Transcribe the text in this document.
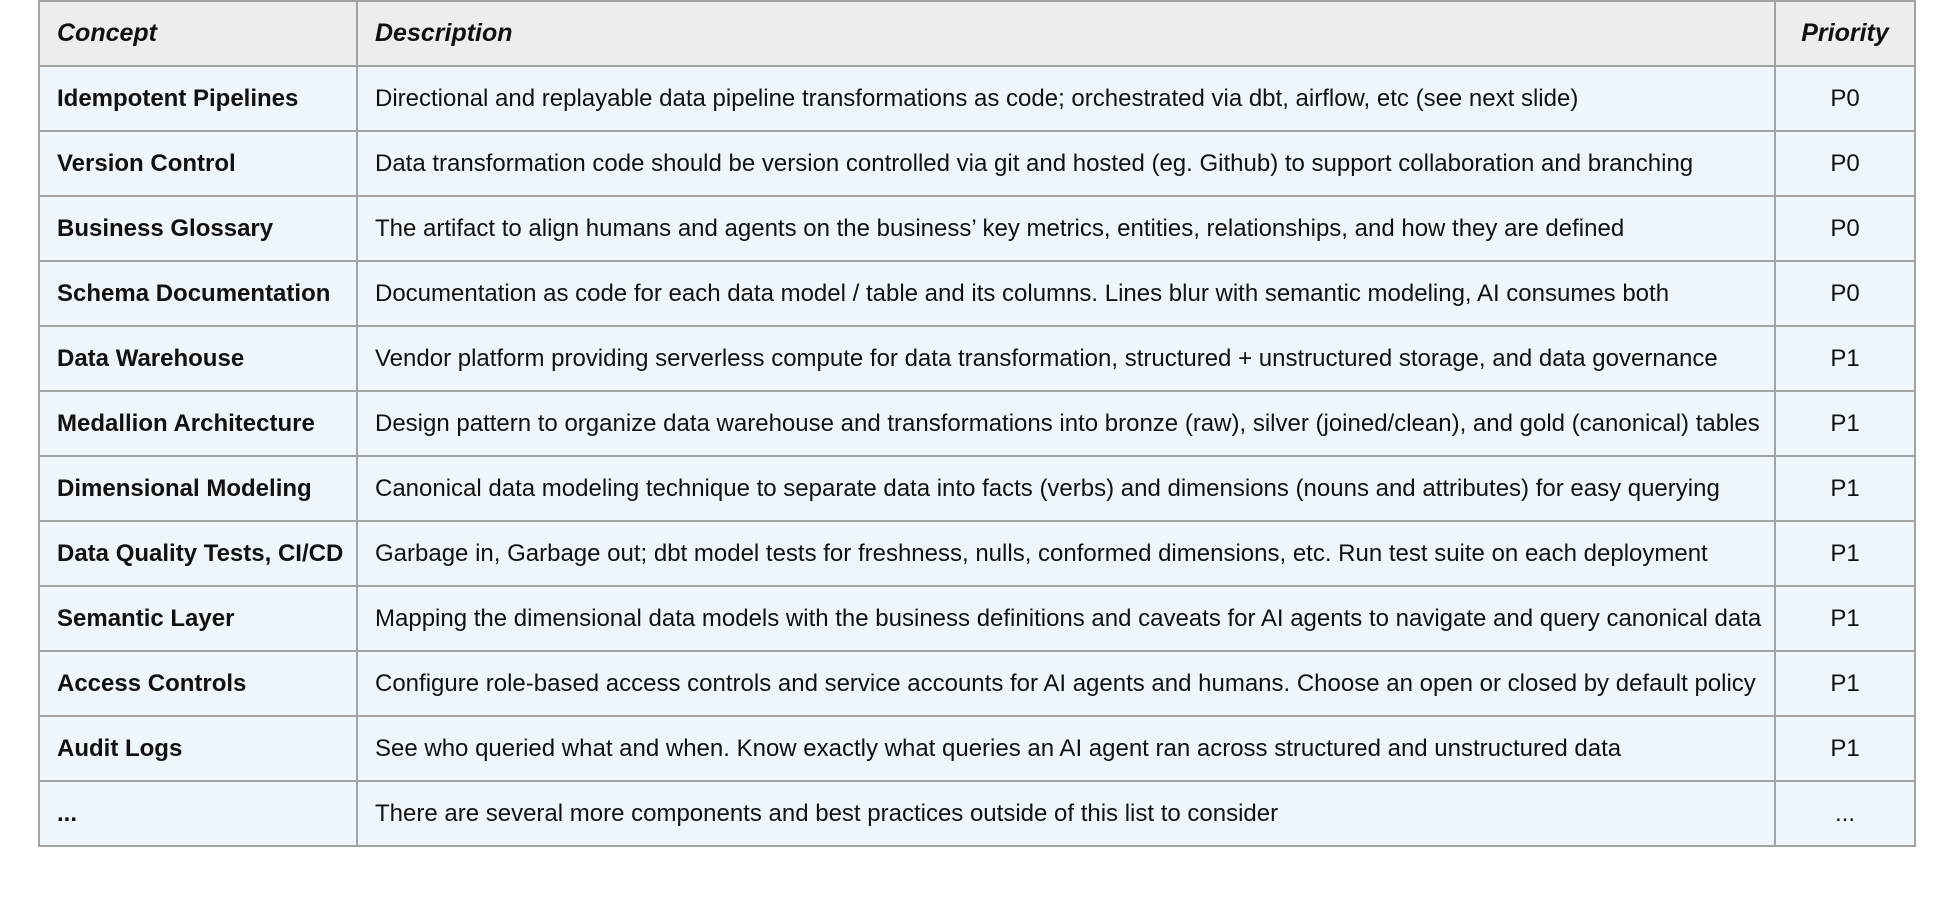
Concept	Description	Priority
Idempotent Pipelines	Directional and replayable data pipeline transformations as code; orchestrated via dbt, airflow, etc (see next slide)	P0
Version Control	Data transformation code should be version controlled via git and hosted (eg. Github) to support collaboration and branching	P0
Business Glossary	The artifact to align humans and agents on the business’ key metrics, entities, relationships, and how they are defined	P0
Schema Documentation	Documentation as code for each data model / table and its columns. Lines blur with semantic modeling, AI consumes both	P0
Data Warehouse	Vendor platform providing serverless compute for data transformation, structured + unstructured storage, and data governance	P1
Medallion Architecture	Design pattern to organize data warehouse and transformations into bronze (raw), silver (joined/clean), and gold (canonical) tables	P1
Dimensional Modeling	Canonical data modeling technique to separate data into facts (verbs) and dimensions (nouns and attributes) for easy querying	P1
Data Quality Tests, CI/CD	Garbage in, Garbage out; dbt model tests for freshness, nulls, conformed dimensions, etc. Run test suite on each deployment	P1
Semantic Layer	Mapping the dimensional data models with the business definitions and caveats for AI agents to navigate and query canonical data	P1
Access Controls	Configure role-based access controls and service accounts for AI agents and humans. Choose an open or closed by default policy	P1
Audit Logs	See who queried what and when. Know exactly what queries an AI agent ran across structured and unstructured data	P1
...	There are several more components and best practices outside of this list to consider	...
